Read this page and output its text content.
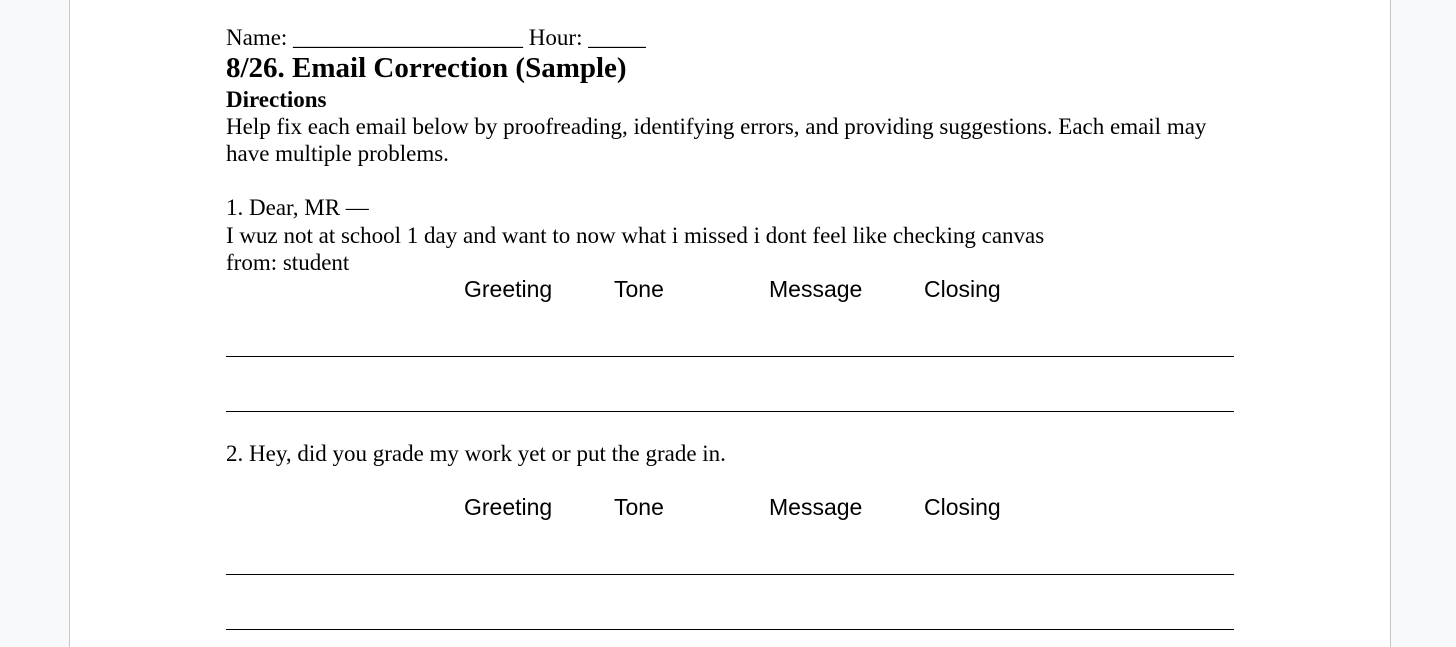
Name: ____________________ Hour: _____
8/26. Email Correction (Sample)
Directions
Help fix each email below by proofreading, identifying errors, and providing suggestions. Each email may have multiple problems.
1. Dear, MR —
I wuz not at school 1 day and want to now what i missed i dont feel like checking canvas
from: student
Greeting	Tone	Message	Closing
2. Hey, did you grade my work yet or put the grade in.
Greeting	Tone	Message	Closing
